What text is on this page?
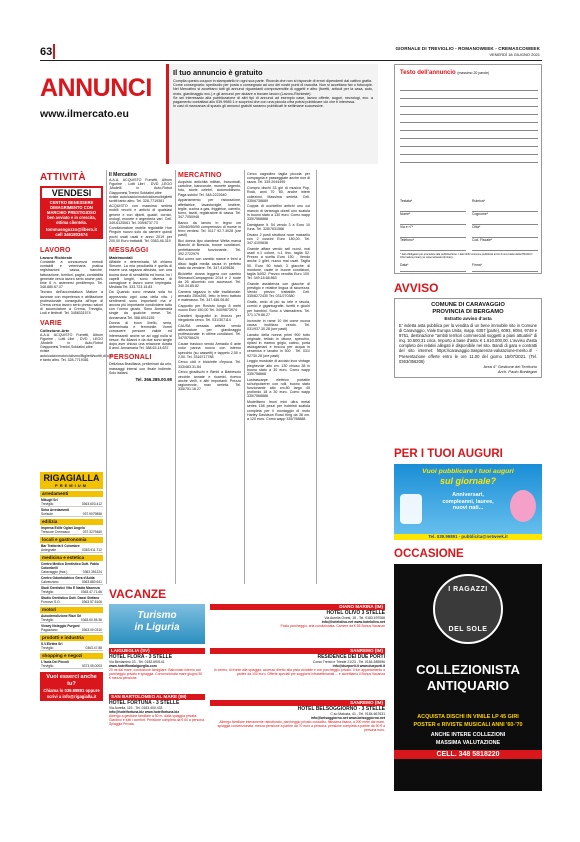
63	GIORNALE DI TREVIGLIO - ROMANOWEEK - CREMASCOWEEK
VENERDÌ 18 GIUGNO 2021
ANNUNCI
www.ilmercato.eu
Il tuo annuncio è gratuito
Compila questo coupon in stampatello in ogni sua parte. Ricorda che non si risponde di errori dipendenti dal cattivo grafia.
Come consegnarlo: spediscilo per posta o consegnalo ad uno dei nostri punti di raccolta. Non si accettano fax o fotocopie. Nel Mercatino si accettano tutti gli annunci riguardanti compravendite di oggetti e altro (furetti, articoli per la casa, auto, moto, giardinaggio ecc.) e gli annunci per aiutare a trovare lavoro (Lavoro-Richieste).
Se sei interessato alla pubblicazione di altri tipi di annunci ad esempio case, lavoro offerte, auguri, necrologi, ecc. a pagamento contattaci allo 039.9989.1 e scoprirai che con una piccola cifra potrai pubblicare ciò che ti interessa.
In casi di mancanza di spazio gli annunci gratuiti saranno pubblicati le settimane successive.
Testo dell'annuncio (massimo 20 parole)
Testata*
Nome*
Via e n°*
Telefono*
Rubrica*
Cognome*
Città*
Cod. Fiscale*
* dati obbligatori per procedere alla pubblicazione. I dati NON verranno pubblicati ai fini di una tutela della PRIVACY. Informativa privacy su www.netweek.it/privacy.
Data*	Firma*
ATTIVITÀ
VENDESI
CENTRO BENESSERE DIMAGRIMENTO CON MARCHIO PRESTIGIOSO ben avviato e in crescita, ottima clientela.
tommasoguzzo@libero.it cell 3461803674
LAVORO
Lavoro Richieste
Contabile a conoscenza metodi contabili e veterinaria pratica registrazioni cassa, banche, fatturazione, fornitori, paghe, contabilità generale cerca lavoro serio anche part-time 6 h. astenersi perditempo. Tel. 348.880.67.07
Tecnico dell'acconciatura Mature a lavorare con esperienza e abilitazione professionale conseguita all'Ispe di Crema cerca lavoro serio presso saloni di acconciature a Crema, Treviglio, Lodi e limitrofi. Tel. 3456331574
VARIE
Collezione-Arte
A.A.A. ACQUISTO Fumetti, Album Figurine , Lotti Libri , DVD , LEGO ,Modelli in Auto,Robot Giapponesi,Trenini,Soldatini,oltre riviste auto/calcio/moto/ciclismo/Biglietti/scritti,dischi e tanto altro. Tel. 328-7719381
RIGAGIALLA
PREMIUM
arredamenti
Mikugli Srl
Treviglio	0363.603.412
Sirka Arredamenti
Sorisole	037.9079856
edilizia
Impresa Edile Oglari Angelo
Trescore Cremasco	037.3279460
locali e gastronomia
Bar Trattoria Il Colombre
Antegnate	0363.911.712
medicina e estetica
Centro Medico Dentistico Dott. Fabio Colombelli
Caravaggio (fraz.)	0363.351224
Centro Odontoiatrico Gera d'Adda
Calvenzano	0363.880.641
Studi Dentistici Vito E Nadia Macenza
Treviglio	0363.47.71.66
Studio Dentistico Dott. Dassi Stefano
Fornovo S.G.	0363.57.5106
motori
Autodemolizione Rizzi Srl
Treviglio	0363.60.55.36
Vivaey Noleggio Furgoni
Pagazzano	0363.00.0310
prodotti e industria
S.V.Elettra Srl
Treviglio	0363.47.88
shopping e negozi
L'Isola Dei Piccoli
Treviglio	0373.05.0003
Vuoi esserci anche tu?
Chiama lo 039.99891 oppure
scrivi a info@rigagialla.it
Il Mercatino
A.A.A. ACQUISTO Fumetti, Album Figurine , Lotti Libri , DVD ,LEGO ,Modelli in Auto,Robot Giapponesi,Trenini,Soldatini,oltre riviste auto/calcio/moto/ciclismo/biglietti scritti tanto altro. Tel. 328-7719381
ACQUISTO con massima serietà mobili vecchi e antichi di qualsiasi genere e con dipinti, quadri, cornici, orologi, monete e argenteria vari. Cell. 349-6125061 Tel. 039/6737.73
Condizionatore mobile regolabile Hoe Pinguin nuovo solo da camere quindi pochi usati usati e anno 2019 per 200,00 Euro trattabili. Tel. 0363.46.319
MESSAGGI
Matrimoniali
Affabile e determinata, Mi chiamo Simone. La mia peculiarità è quella di essere una ragazza altruista, con una buona dose di sensibilità ed ironia. ho i capelli lunghi, sono diversa di carnagione e lavoro come impiegata. Mediata Tel. 333.723.15.83
Da Quando sono rimasta sola ho apprezzato ogni cosa della vita. I sentimenti sono importanti ma e' ancora più importante condividere tutto con l'uomo giusto. Sono Annamaria single da qualche mese. Tel. Annamaria Tel. 388.8911155
Donna di buon livello, seria, determinata e femminile. Vorrei conoscere persone valide ed interessanti: anche se ad oggi nulla si riesce. Ho 46anni e da due sono single dopo aver chiuso una relazione durata 8 anni. Annamaria Tel. 388.63.14.637
PERSONALI
Deliziosa Brasiliana, preliminari da urlo, massaggi intensi con finale bollente. Solo italiani.
Tel. 366.285.00.98
MERCATINO
Acquisto antichità militari, francobolli, cartoline, banconote, monete argento, foto, storie celebri, automobilismo. Paga subito! Tel. 348.2222640
Appartamento per ristorazione, affettatrice, lavastoviglie, tostiere, teglie, cucina a gas, friggitrice, carrello, forno, tavoli, registratore di cassa. Tel. 347.7050948
Banco da lavoro in legno cm 130x60/50/90 comprensivo di morse in ferro verdesi. Tel. 0117 92.7.3028 (ore pasti)
Bici donna tipo olandese Welta marca Bianchi di Brescia, buone condizioni, perfettamente funzionante. Tel. 392.2722979
Bici uomo con cambio marce e freni a disco taglia media causa in perfetto stato da vendere. Tel. 347.4109836
Biciclette donna leggera con cambio Shimano/Campagnolo 2014 e 2 ruote da 26 alluminio con accessori. Tel. 340.34.85.82
Camera ragazzo in stile tradizionale: armadio 250x250, letto in ferro battuto e materasso. Tel. 347.456.06.80
Cappotto per Rovisto lungo 8 metri nuovo Euro 150,00 Tel. 340/9873974
Caratteri tipografici in bronzo per rilegatoria cerco. Tel. 031/307114
CAUSA cessata attività vendo attrezzature per giardinaggio professionale: in ottime condizioni. Tel. 347/5758429
Cause trasloco vendo Armadio 6 ante color panna nuovo con interno specchio (su cassetti) e tappeto 2,50 x 2,50. Tel. 3316717788
Cerco cicli e biciclette d'epoca. Tel. 333/463.31.84
Cerco giradischi e Bimbi a Barbesolo vecchie annate e ricambi, ricerco anche vinili, e altri importanti. Prezzo ragionevole, max serietà. Tel. 335/751.16.27
Cerco cagnolino taglia piccola per compagnia e passeggiate anche non di razza. Tel. 339.2044495
Compro dischi 33 giri di musica Pop, Rock, anni 70 '80, anche intere collezioni. Massima serietà. Cell. 335/6738689
Coppia di occhiellini antichi uno col mancio di tartaruga dorati uno scatola in buono stato a 130 euro. Como wapp 335/7568888
Damigiane lt. 54 vendo 3 a Euro 10 l'una. Tel. 328/7631586
Divano 2 posti struttura noce massello con 2 cuscini Euro 180,00. Tel. 347.4109836
Grande affare vendo sell nuovi, mai usati n.1 colore, n.1 lino, taglia 52. Prezzo a scelta Euro 150 . Vendo anche 2 gilet, nuovo mai usati. Taglia 50. Euro 50 totali, 3 giacche di montone, usate in buone condizioni, taglia 54/52. Prezzo vendita Euro 100. Tel. 349.18.68.863
Grande assistenza con giacche di prestigio e relative lingua di sicurezza. Vendo prezzo trattabile. Cell. 335/8272430 Tel. 031/270380
Gratis, cedo di più su tele e tavola, cornici e gigantografie, furetti e giochi per bambini. Sono a Valmadrera. Tel. 371.179.86.27
Incrostre in rame 10 litri come nuova causa inutilizzo vendo. Tel. 031/937.30.28 (ore pasti)
Lavabo della nonna primi 900 tutto originale, tellaio in ottone, specchio, ripiani in marmo grigio, catino, porta asciugamani e brocca per acqua in ceramica e lavabo in 500 . Tel. 031/ 92730.28 (ore pasti)
Leggio musicale di acciaio inox vintage pieghevole alto cm. 130 chiuso 38 in buono stato a 30 euro. Como wapp 335/758668
Lustrascarpe elettrico portatile schuhputzerer con rulli, buono stato funzionante alto cm.80 largo 40 profondo 18 a 30 euro. Como wapp 335/7568888
Modellismo Imori mini ultra metal series 158 pezzi per hobbisti scatola completa per il montaggio di moto Harley Davidson Road King da 38 cm. a 120 euro. Como wapp 335/758888
AVVISO
COMUNE DI CARAVAGGIO
PROVINCIA DI BERGAMO
Estratto avviso d'asta
E' indetta asta pubblica per la vendita di un bene immobile sito in Comune di Caravaggio, Viale Europa Unita, mapp. 6357 (parte), 6093, 6094, 9749 e 9751, destinazione "ambiti territori commerciali soggetti a piani attuativi" di mq. 10.500,31 circa. Importo a base d'asta: € 1.610.000,00. L'avviso d'asta completo dei relativi allegati è disponibile nel sito. Bandi di gara e contratti del sito internet: https://caravaggio.trasparenza-valutazione-merito.it/ - Presentazione offerte entro le ore 11.00 del giorno 15/07/2021. (Tel. 0363/356206)
Area 4° Gestione del Territorio
Arch. Paolo Bordegari
PER I TUOI AUGURI
Vuoi pubblicare i tuoi auguri
sul giornale?
Anniversari,
compleanni, lauree,
nuovi nati...
Tel. 039.99891 - pubblicita@netweek.it
OCCASIONE
I RAGAZZI
DEL SOLE
COLLEZIONISTA
ANTIQUARIO
ACQUISTA DISCHI IN VINILE LP 45 GIRI
POSTER e RIVISTE MUSICALI ANNI '60-'70
ANCHE INTERE COLLEZIONI
MASSIMA VALUTAZIONE
CELL. 348 5818220
VACANZE
Turismo
in Liguria
LAIGUEGLIA (SV)
HOTEL FLORA - 3 STELLE
Via Beniamino 23 - Tel. 0182.690141
www.hotelfloralaigueglia.com
20 mt dal mare, conduzione famigliare. Balconato interno con parcheggio privato e spiaggia. Convenzionata mare giugno 50 € mezza pensione.
SAN BARTOLOMEO AL MARE (IM)
HOTEL FORTUNA - 3 STELLE
Via Aurelia, 119 - Tel. 0183.400.433
info@hotelfortuna.biz www.hotelfortuna.biz
Albergo a gestione familiare a 50 m. dalla spiaggia privata. Giardino e tutti i comfort. Pensione completa da € 60 a persona. Spiaggia Privata.
DIANO MARINA (IM)
HOTEL OLIVO 3 STELLE
Via Aurelia Ovest, 18 - Tel. 0183 497066
info@hotelolivo.net www.hotelolivo.net
Posto parcheggio, aria condizionata. Camere da € 55 Bonus Vacanze
SANREMO (IM)
RESIDENCE DEI DUE PORTI
Corso Trento e Trieste 21/23 - Tel. 0184-585596
info@dueporti.it www.dueporti.it
In centro, di fronte alla spiaggia, accesso diretto alla pista ciclabile e con parcheggio privato. Il fun appartamento a partire da 100 euro. Offerte speciali per soggiorni infrasettimanali ... e accettiamo il Bonus Vacanza
SANREMO (IM)
HOTEL BELSOGGIORNO - 3 STELLE
C.so Matuzia, 41 - Tel. 0184-667631
info@belsoggiorno.net www.belsoggiorno.net
Albergo familiare interamente ristrutturato, parcheggio privato custodito, fittissima tisana, a 200 metri dal mare, spiaggia convenzionata. mezza pensione a partire da 70 euro a persona, pensione completa a partire da 90 € a persona euro.
